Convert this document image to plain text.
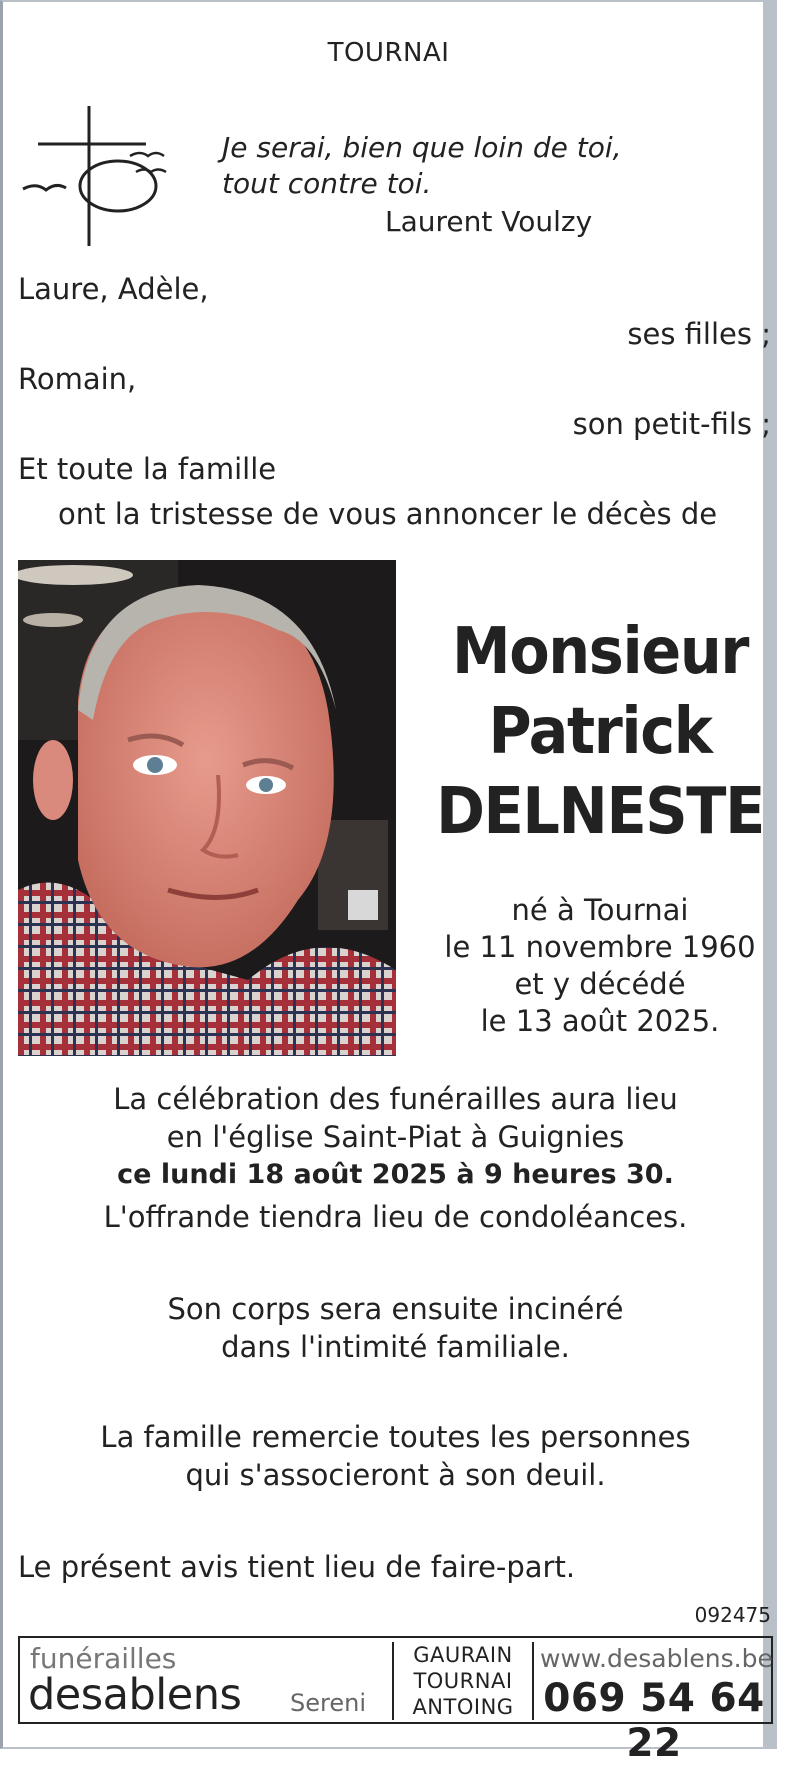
TOURNAI
Je serai, bien que loin de toi,
tout contre toi.
Laurent Voulzy
Laure, Adèle,
ses filles ;
Romain,
son petit-fils ;
Et toute la famille
ont la tristesse de vous annoncer le décès de
Monsieur
Patrick
DELNESTE
né à Tournai
le 11 novembre 1960
et y décédé
le 13 août 2025.
La célébration des funérailles aura lieu
en l'église Saint-Piat à Guignies
ce lundi 18 août 2025 à 9 heures 30.
L'offrande tiendra lieu de condoléances.
Son corps sera ensuite incinéré
dans l'intimité familiale.
La famille remercie toutes les personnes
qui s'associeront à son deuil.
Le présent avis tient lieu de faire-part.
092475
funérailles
desablens Sereni
GAURAIN
TOURNAI
ANTOING
www.desablens.be
069 54 64 22
